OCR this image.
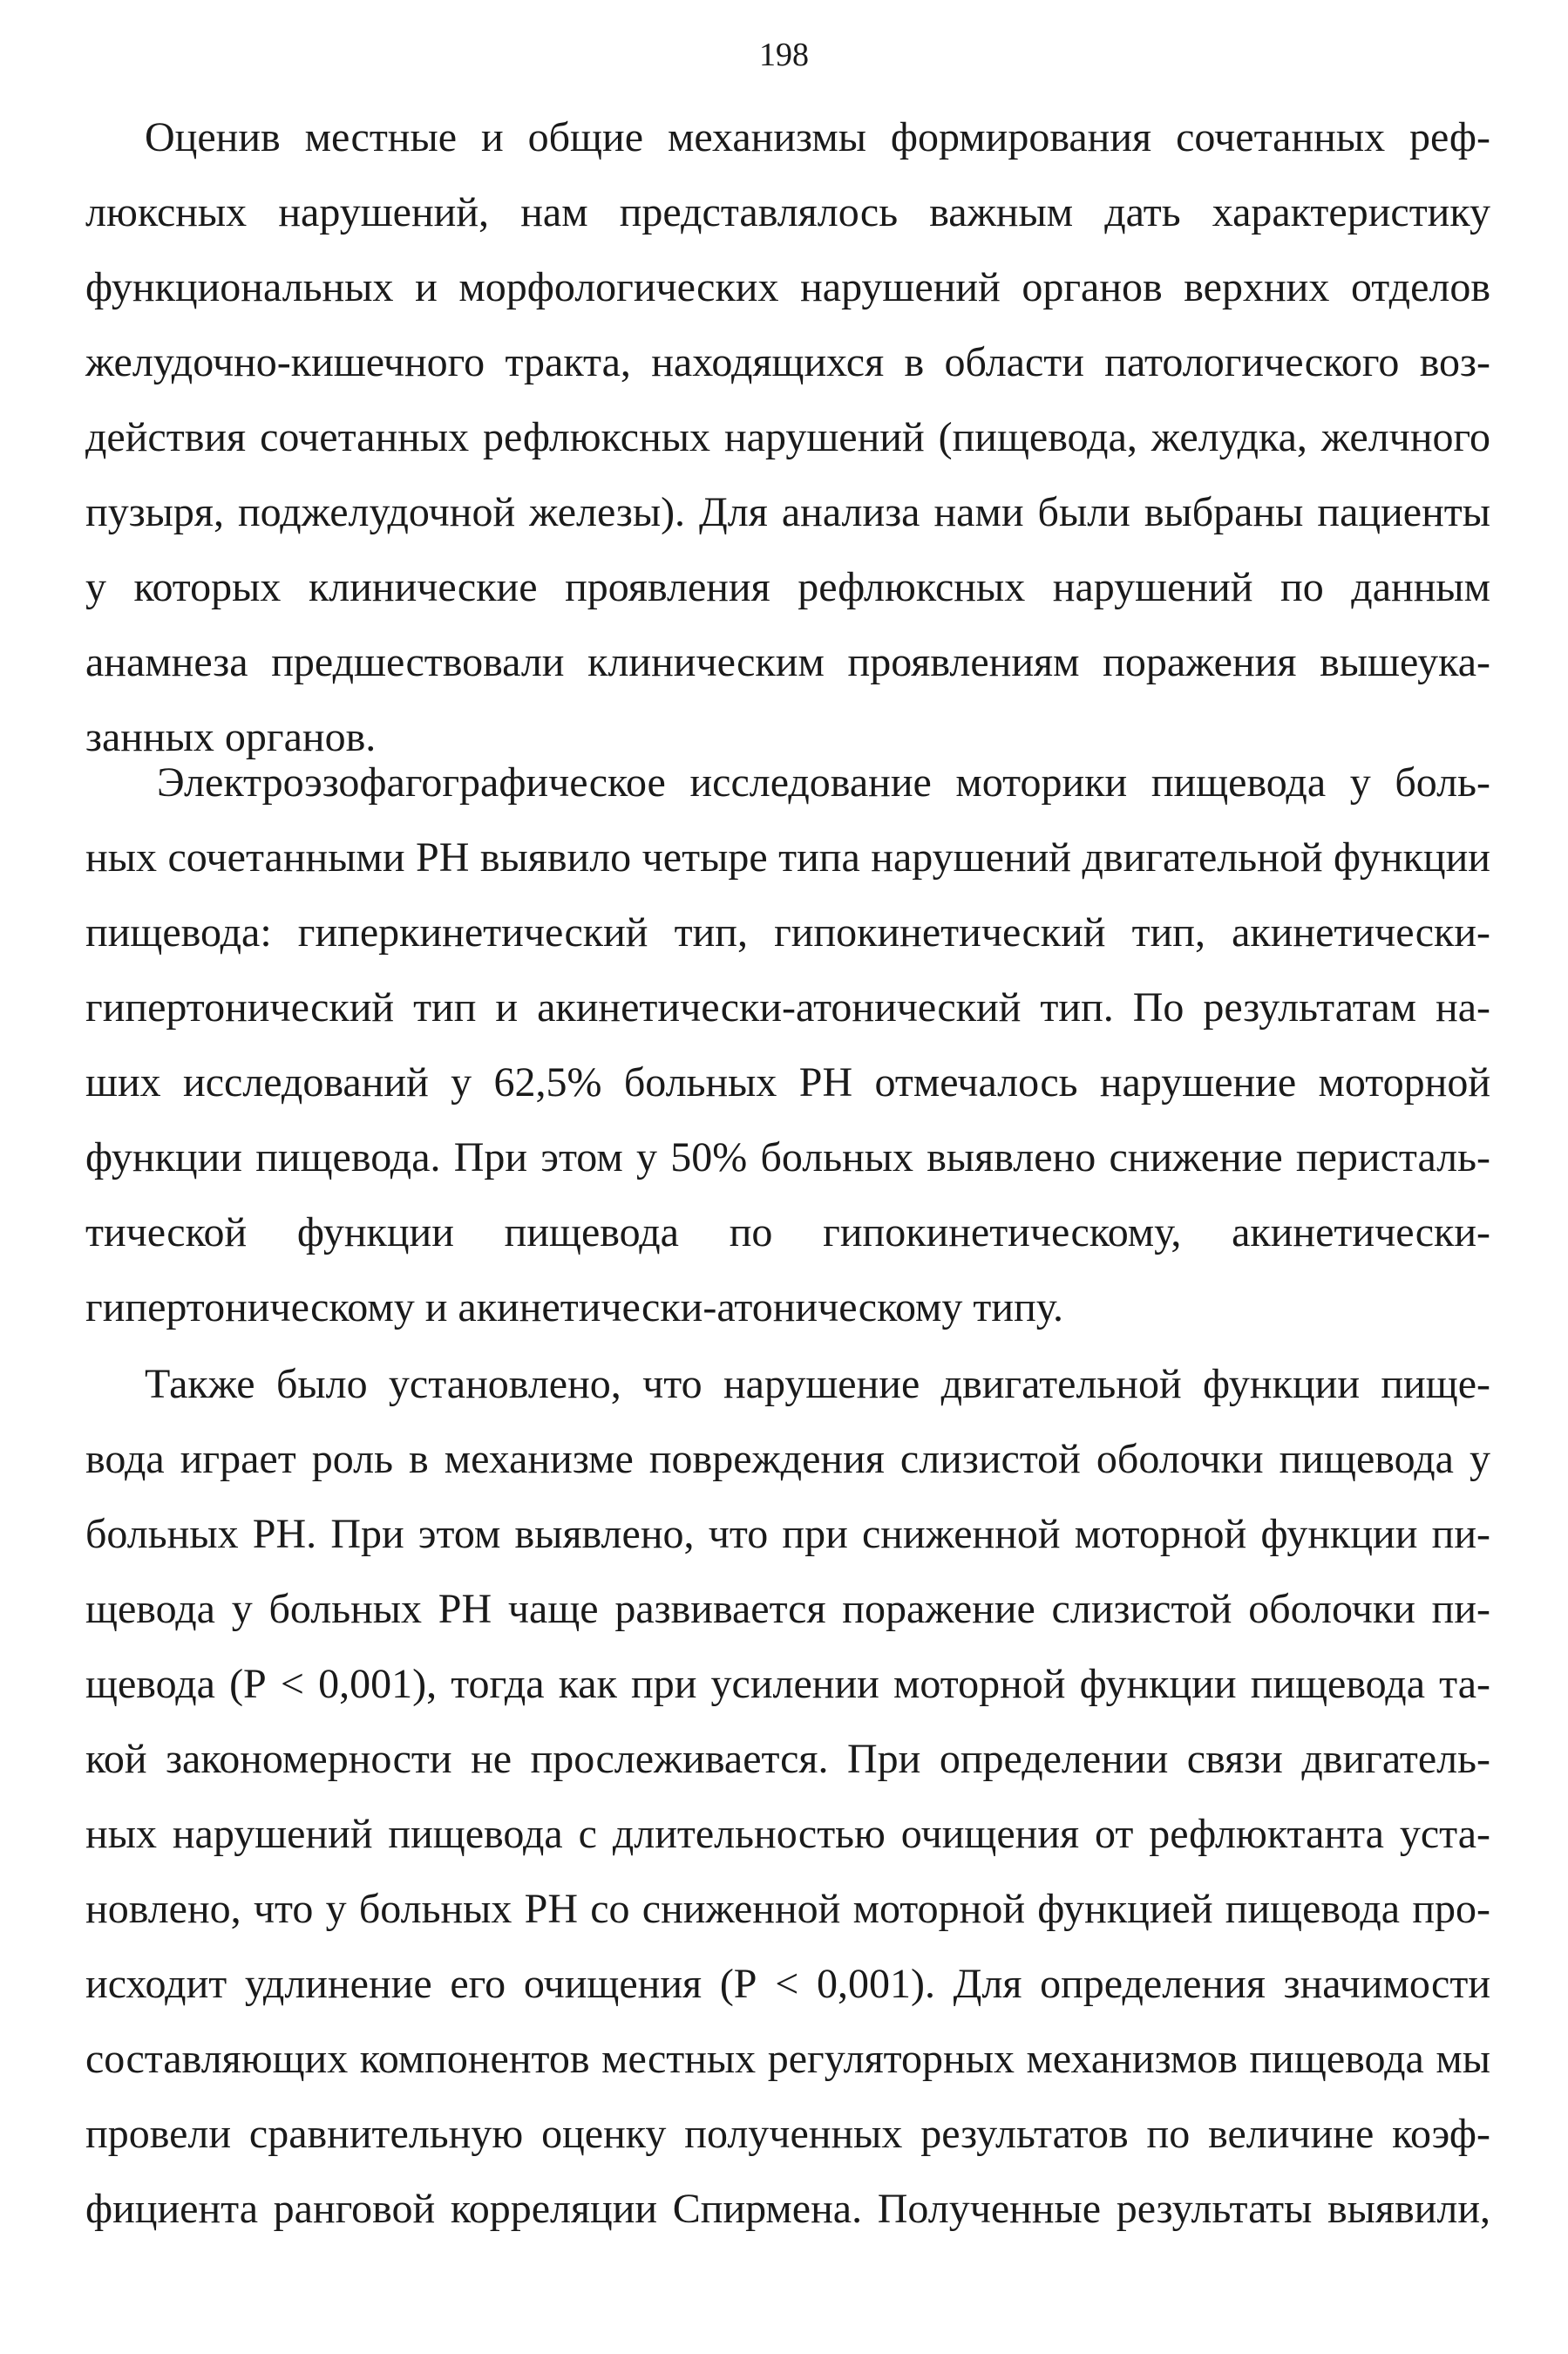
198
Оценив местные и общие механизмы формирования сочетанных реф-
люксных нарушений, нам представлялось важным дать характеристику
функциональных и морфологических нарушений органов верхних отделов
желудочно-кишечного тракта, находящихся в области патологического воз-
действия сочетанных рефлюксных нарушений (пищевода, желудка, желчного
пузыря, поджелудочной железы). Для анализа нами были выбраны пациенты
у которых клинические проявления рефлюксных нарушений по данным
анамнеза предшествовали клиническим проявлениям поражения вышеука-
занных органов.
Электроэзофагографическое исследование моторики пищевода у боль-
ных сочетанными РН выявило четыре типа нарушений двигательной функции
пищевода: гиперкинетический тип, гипокинетический тип, акинетически-
гипертонический тип и акинетически-атонический тип. По результатам на-
ших исследований у 62,5% больных РН отмечалось нарушение моторной
функции пищевода. При этом у 50% больных выявлено снижение перисталь-
тической функции пищевода по гипокинетическому, акинетически-
гипертоническому и акинетически-атоническому типу.
Также было установлено, что нарушение двигательной функции пище-
вода играет роль в механизме повреждения слизистой оболочки пищевода у
больных РН. При этом выявлено, что при сниженной моторной функции пи-
щевода у больных РН чаще развивается поражение слизистой оболочки пи-
щевода (Р < 0,001), тогда как при усилении моторной функции пищевода та-
кой закономерности не прослеживается. При определении связи двигатель-
ных нарушений пищевода с длительностью очищения от рефлюктанта уста-
новлено, что у больных РН со сниженной моторной функцией пищевода про-
исходит удлинение его очищения (Р < 0,001). Для определения значимости
составляющих компонентов местных регуляторных механизмов пищевода мы
провели сравнительную оценку полученных результатов по величине коэф-
фициента ранговой корреляции Спирмена. Полученные результаты выявили,
